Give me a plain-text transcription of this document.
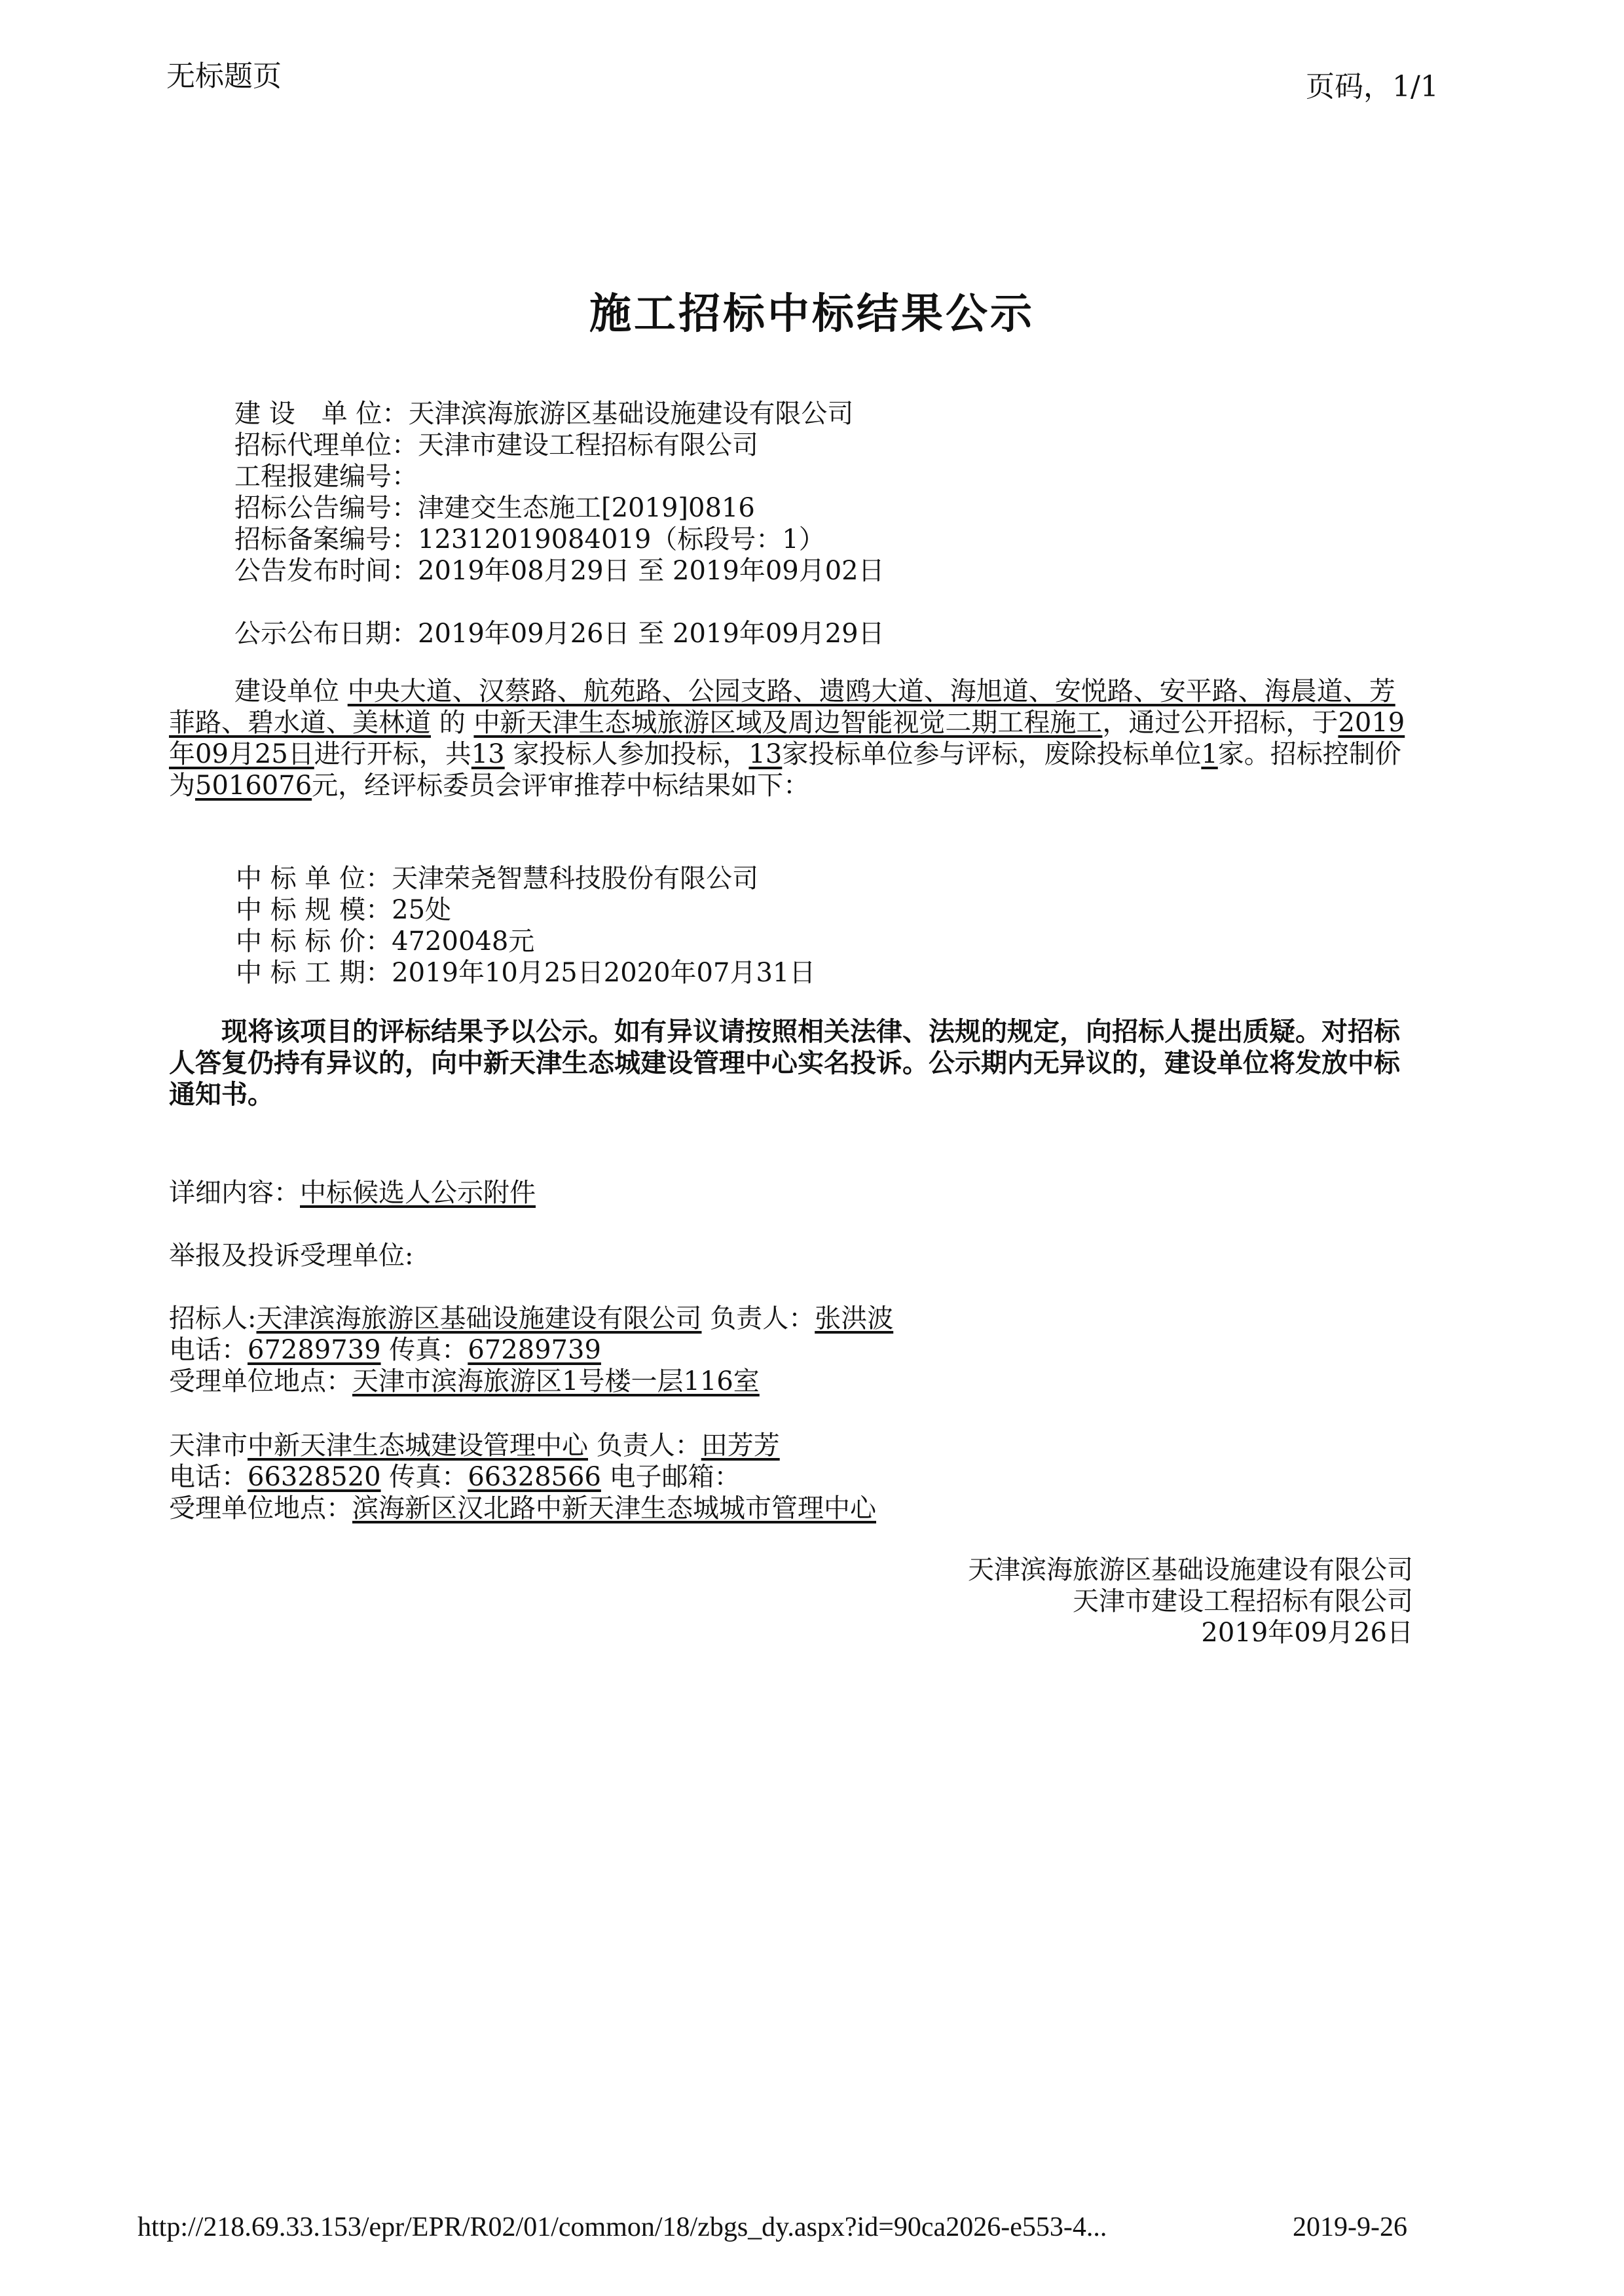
无标题页	页码，1/1
施工招标中标结果公示
建 设　单 位：天津滨海旅游区基础设施建设有限公司
招标代理单位：天津市建设工程招标有限公司
工程报建编号：
招标公告编号：津建交生态施工[2019]0816
招标备案编号：12312019084019（标段号：1）
公告发布时间：2019年08月29日 至 2019年09月02日
公示公布日期：2019年09月26日 至 2019年09月29日
建设单位 中央大道、汉蔡路、航苑路、公园支路、遗鸥大道、海旭道、安悦路、安平路、海晨道、芳菲路、碧水道、美林道 的 中新天津生态城旅游区域及周边智能视觉二期工程施工，通过公开招标，于2019年09月25日进行开标，共13 家投标人参加投标，13家投标单位参与评标，废除投标单位1家。招标控制价为5016076元，经评标委员会评审推荐中标结果如下：
中 标 单 位：天津荣尧智慧科技股份有限公司
中 标 规 模：25处
中 标 标 价：4720048元
中 标 工 期：2019年10月25日2020年07月31日
现将该项目的评标结果予以公示。如有异议请按照相关法律、法规的规定，向招标人提出质疑。对招标人答复仍持有异议的，向中新天津生态城建设管理中心实名投诉。公示期内无异议的，建设单位将发放中标通知书。
详细内容：中标候选人公示附件
举报及投诉受理单位:
招标人:天津滨海旅游区基础设施建设有限公司 负责人：张洪波
电话：67289739 传真：67289739
受理单位地点：天津市滨海旅游区1号楼一层116室
天津市中新天津生态城建设管理中心 负责人：田芳芳
电话：66328520 传真：66328566 电子邮箱：
受理单位地点：滨海新区汉北路中新天津生态城城市管理中心
天津滨海旅游区基础设施建设有限公司
天津市建设工程招标有限公司
2019年09月26日
http://218.69.33.153/epr/EPR/R02/01/common/18/zbgs_dy.aspx?id=90ca2026-e553-4...	2019-9-26
